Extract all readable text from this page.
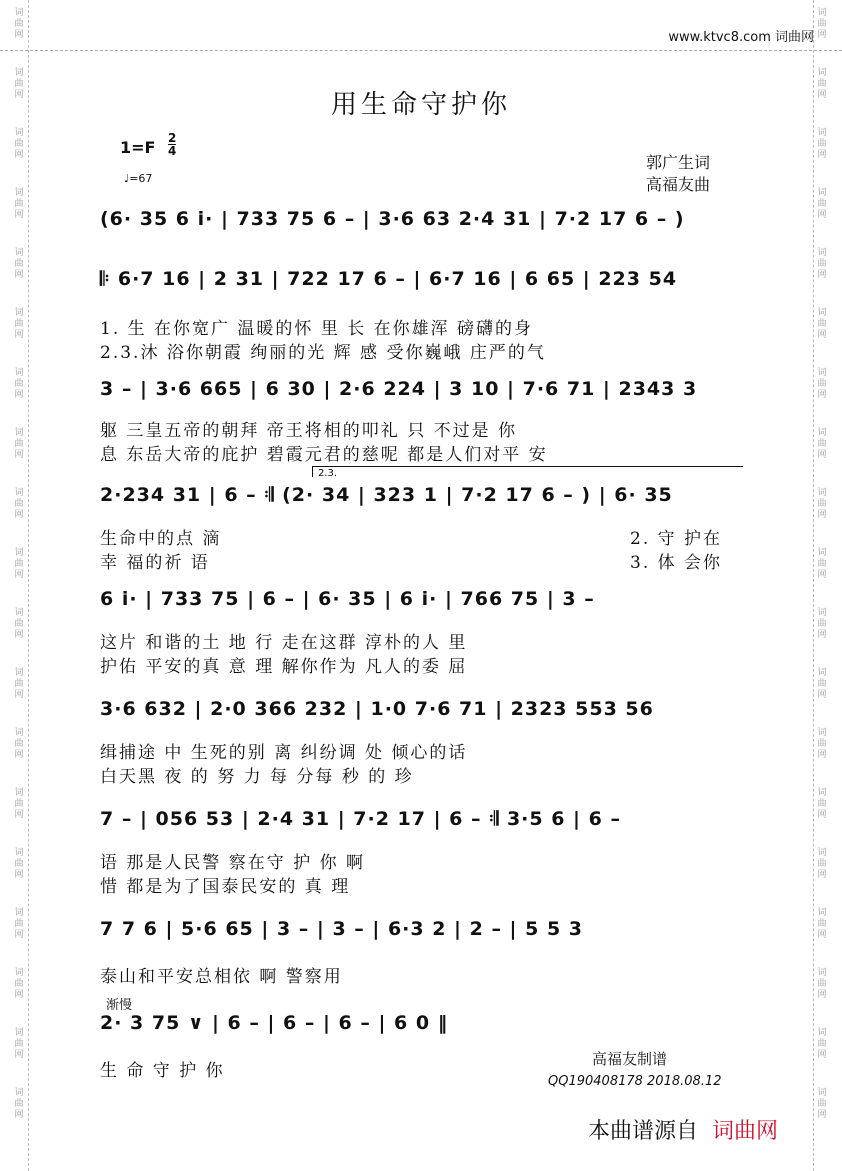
词
曲
网
词
曲
网
词
曲
网
词
曲
网
词
曲
网
词
曲
网
词
曲
网
词
曲
网
词
曲
网
词
曲
网
词
曲
网
词
曲
网
词
曲
网
词
曲
网
词
曲
网
词
曲
网
词
曲
网
词
曲
网
词
曲
网
词
曲
网
词
曲
网
词
曲
网
词
曲
网
词
曲
网
词
曲
网
词
曲
网
词
曲
网
词
曲
网
词
曲
网
词
曲
网
词
曲
网
词
曲
网
词
曲
网
词
曲
网
词
曲
网
词
曲
网
词
曲
网
词
曲
网
www.ktvc8.com 词曲网
用生命守护你
1=F 2
4
♩=67
郭广生词
高福友曲
(6· 35 6 i· | 733 75 6 – | 3·6 63 2·4 31 | 7·2 17 6 – )
𝄆 6·7 16 | 2 31 | 722 17 6 – | 6·7 16 | 6 65 | 223 54
1. 生 在你宽广 温暖的怀 里 长 在你雄浑 磅礴的身
2.3.沐 浴你朝霞 绚丽的光 辉 感 受你巍峨 庄严的气
3 – | 3·6 665 | 6 30 | 2·6 224 | 3 10 | 7·6 71 | 2343 3
躯 三皇五帝的朝拜 帝王将相的叩礼 只 不过是 你
息 东岳大帝的庇护 碧霞元君的慈呢 都是人们对平 安
2.3.
2·234 31 | 6 – 𝄇 (2· 34 | 323 1 | 7·2 17 6 – ) | 6· 35
生命中的点 滴
幸 福的祈 语
2. 守 护在
3. 体 会你
6 i· | 733 75 | 6 – | 6· 35 | 6 i· | 766 75 | 3 –
这片 和谐的土 地 行 走在这群 淳朴的人 里
护佑 平安的真 意 理 解你作为 凡人的委 屈
3·6 632 | 2·0 366 232 | 1·0 7·6 71 | 2323 553 56
缉捕途 中 生死的别 离 纠纷调 处 倾心的话
白天黑 夜 的 努 力 每 分每 秒 的 珍
7 – | 056 53 | 2·4 31 | 7·2 17 | 6 – 𝄇 3·5 6 | 6 –
语 那是人民警 察在守 护 你 啊
惜 都是为了国泰民安的 真 理
7 7 6 | 5·6 65 | 3 – | 3 – | 6·3 2 | 2 – | 5 5 3
泰山和平安总相依 啊 警察用
渐慢
2· 3 75 ∨ | 6 – | 6 – | 6 – | 6 0 ‖
生 命 守 护 你
高福友制谱
QQ190408178 2018.08.12
本曲谱源自 词曲网
